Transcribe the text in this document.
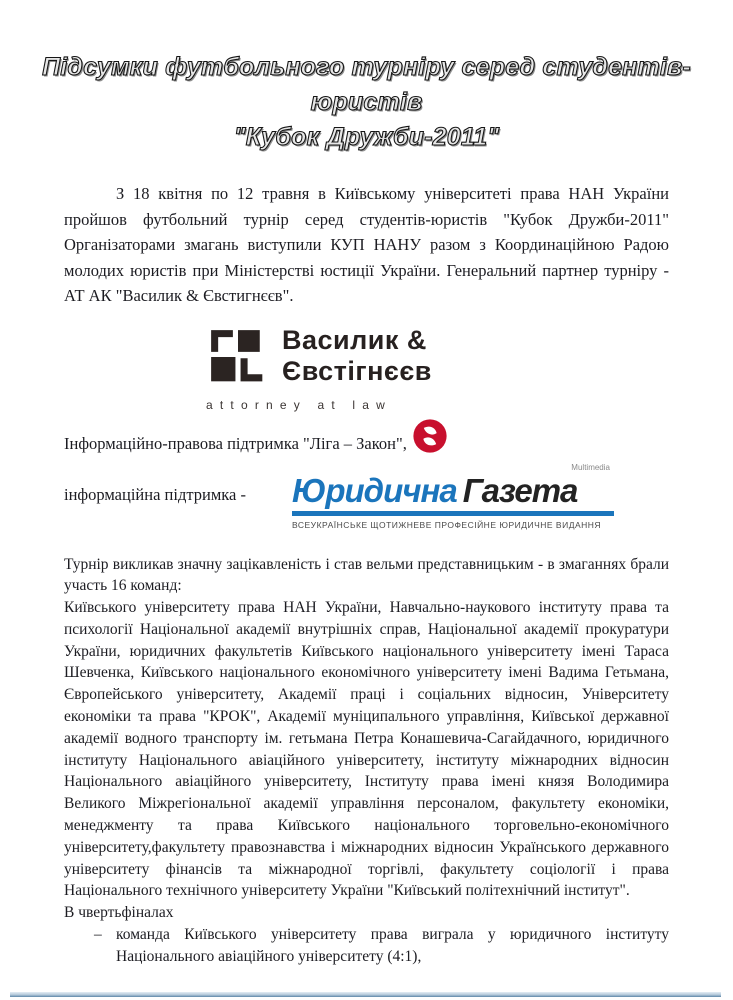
Підсумки футбольного турніру серед студентів-юристів
"Кубок Дружби-2011"

З 18 квітня по 12 травня в Київському університеті права НАН України пройшов футбольний турнір серед студентів-юристів "Кубок Дружби-2011" Організаторами змагань виступили КУП НАНУ разом з Координаційною Радою молодих юристів при Міністерстві юстиції України. Генеральний партнер турніру - АТ АК "Василик & Євстигнєєв".

Василик &
Євстігнєєв
attorney at law
Інформаційно-правова підтримка "Ліга – Закон",
інформаційна підтримка -
Multimedia
Юридична Газета
ВСЕУКРАЇНСЬКЕ ЩОТИЖНЕВЕ ПРОФЕСІЙНЕ ЮРИДИЧНЕ ВИДАННЯ

Турнір викликав значну зацікавленість і став вельми представницьким - в змаганнях брали участь 16 команд:

Київського університету права НАН України, Навчально-наукового інституту права та психології Національної академії внутрішніх справ, Національної академії прокуратури України, юридичних факультетів Київського національного університету імені Тараса Шевченка, Київського національного економічного університету імені Вадима Гетьмана, Європейського університету, Академії праці і соціальних відносин, Університету економіки та права "КРОК", Академії муніципального управління, Київської державної академії водного транспорту ім. гетьмана Петра Конашевича-Сагайдачного, юридичного інституту Національного авіаційного університету, інституту міжнародних відносин Національного авіаційного університету, Інституту права імені князя Володимира Великого Міжрегіональної академії управління персоналом, факультету економіки, менеджменту та права Київського національного торговельно-економічного університету,факультету правознавства і міжнародних відносин Українського державного університету фінансів та міжнародної торгівлі, факультету соціології і права Національного технічного університету України "Київський політехнічний інститут".

В чвертьфіналах

– команда Київського університету права виграла у юридичного інституту Національного авіаційного університету (4:1),
